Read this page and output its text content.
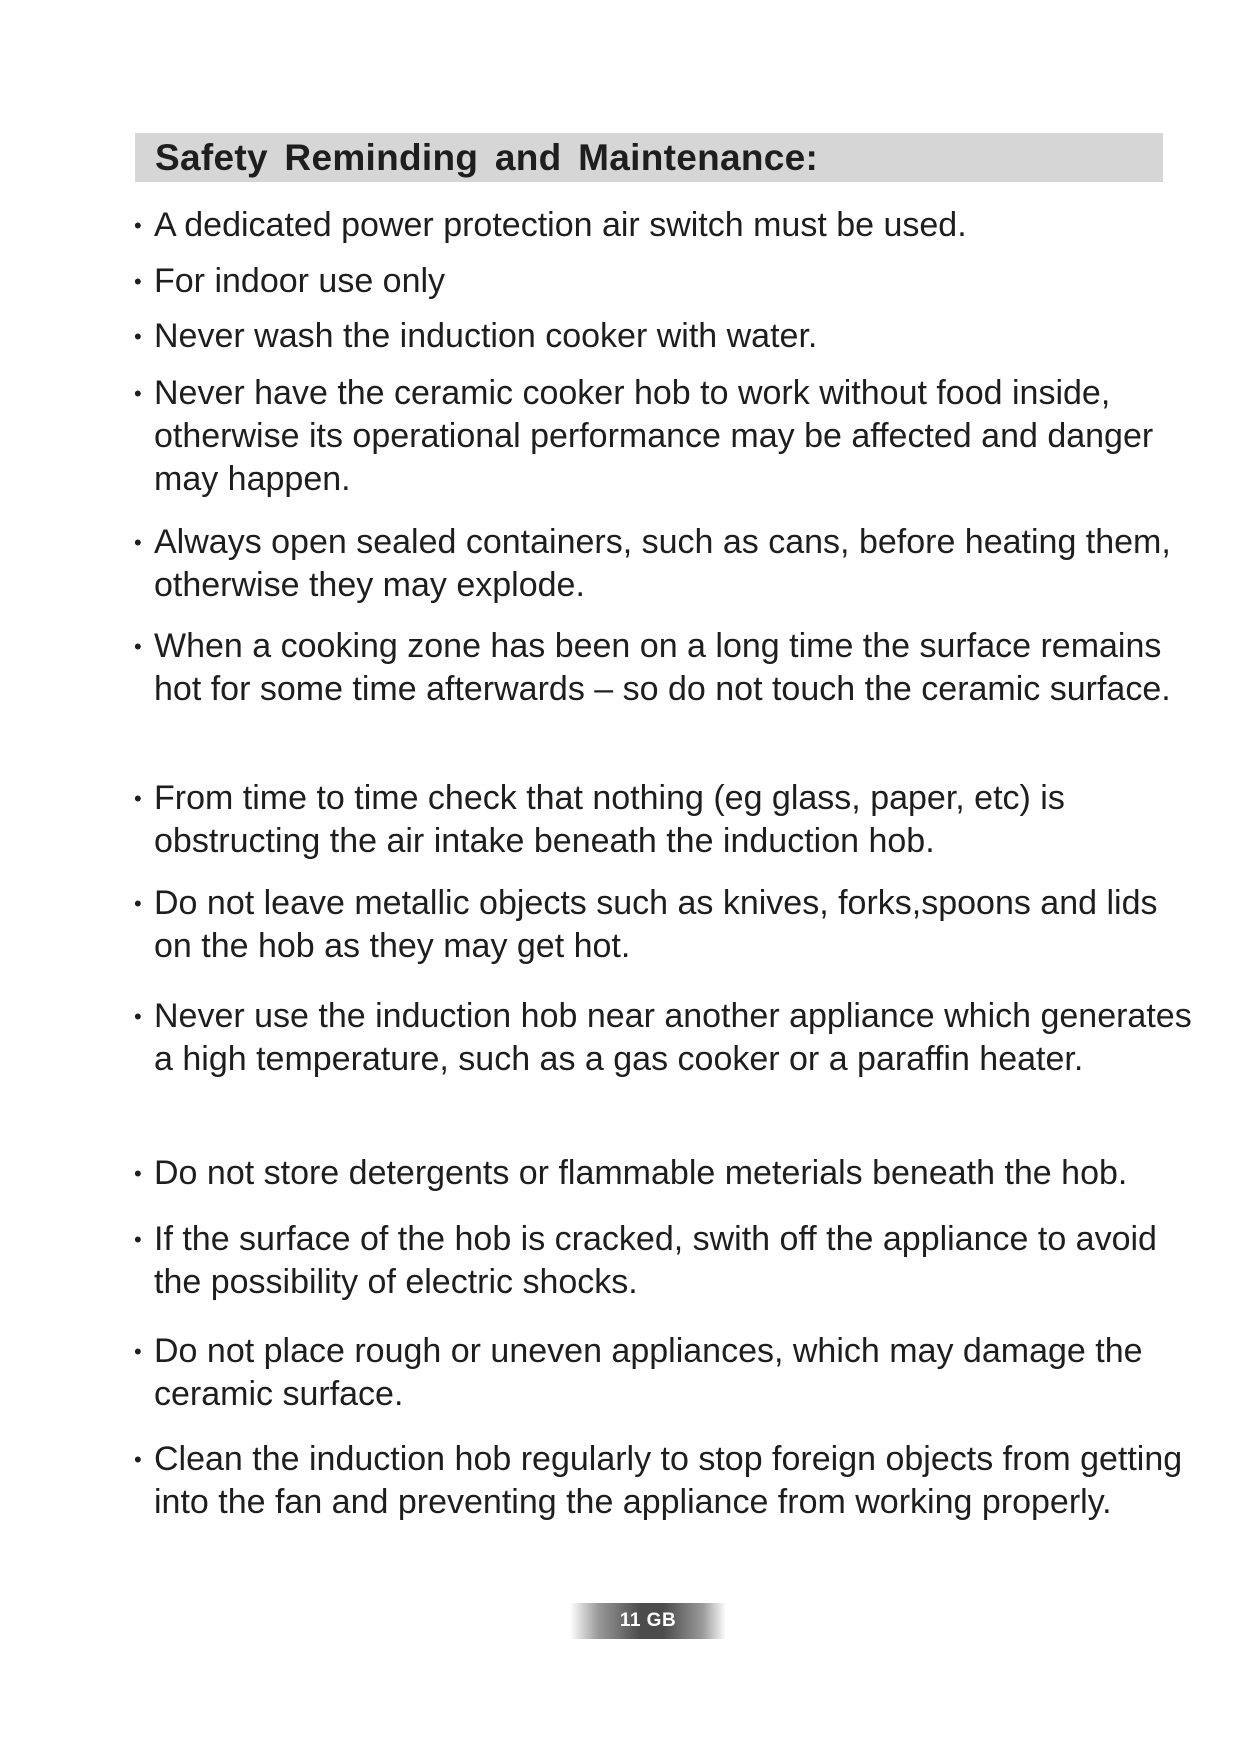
Safety Reminding and Maintenance:
• A dedicated power protection air switch must be used.
• For indoor use only
• Never wash the induction cooker with water.
• Never have the ceramic cooker hob to work without food inside, otherwise its operational performance may be affected and danger may happen.
• Always open sealed containers, such as cans, before heating them, otherwise they may explode.
• When a cooking zone has been on a long time the surface remains hot for some time afterwards – so do not touch the ceramic surface.
• From time to time check that nothing (eg glass, paper, etc) is obstructing the air intake beneath the induction hob.
• Do not leave metallic objects such as knives, forks,spoons and lids on the hob as they may get hot.
• Never use the induction hob near another appliance which generates a high temperature, such as a gas cooker or a paraffin heater.
• Do not store detergents or flammable meterials beneath the hob.
• If the surface of the hob is cracked, swith off the appliance to avoid the possibility of electric shocks.
• Do not place rough or uneven appliances, which may damage the ceramic surface.
• Clean the induction hob regularly to stop foreign objects from getting into the fan and preventing the appliance from working properly.
11 GB
